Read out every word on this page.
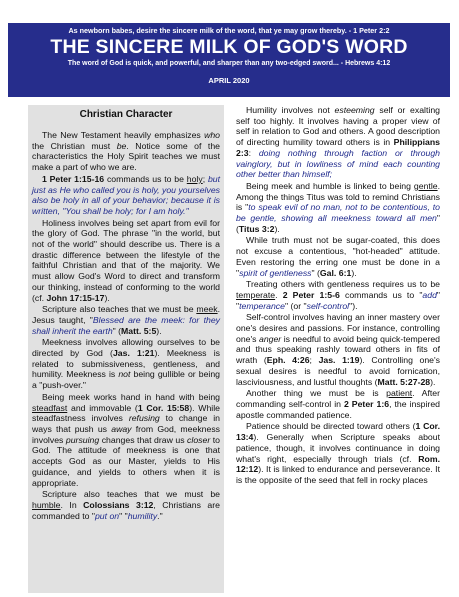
As newborn babes, desire the sincere milk of the word, that ye may grow thereby. - 1 Peter 2:2
THE SINCERE MILK OF GOD'S WORD
The word of God is quick, and powerful, and sharper than any two-edged sword... - Hebrews 4:12
APRIL 2020
Christian Character

The New Testament heavily emphasizes who the Christian must be. Notice some of the characteristics the Holy Spirit teaches we must make a part of who we are.

1 Peter 1:15-16 commands us to be holy; but just as He who called you is holy, you yourselves also be holy in all of your behavior; because it is written, "You shall be holy; for I am holy."

Holiness involves being set apart from evil for the glory of God. The phrase "in the world, but not of the world" should describe us. There is a drastic difference between the lifestyle of the faithful Christian and that of the majority. We must allow God's Word to direct and transform our thinking, instead of conforming to the world (cf. John 17:15-17).

Scripture also teaches that we must be meek. Jesus taught, "Blessed are the meek: for they shall inherit the earth" (Matt. 5:5).

Meekness involves allowing ourselves to be directed by God (Jas. 1:21). Meekness is related to submissiveness, gentleness, and humility. Meekness is not being gullible or being a "push-over."

Being meek works hand in hand with being steadfast and immovable (1 Cor. 15:58). While steadfastness involves refusing to change in ways that push us away from God, meekness involves pursuing changes that draw us closer to God. The attitude of meekness is one that accepts God as our Master, yields to His guidance, and yields to others when it is appropriate.

Scripture also teaches that we must be humble. In Colossians 3:12, Christians are commanded to "put on" "humility."

Humility involves not esteeming self or exalting self too highly. It involves having a proper view of self in relation to God and others. A good description of directing humility toward others is in Philippians 2:3: doing nothing through faction or through vainglory, but in lowliness of mind each counting other better than himself;

Being meek and humble is linked to being gentle. Among the things Titus was told to remind Christians is "to speak evil of no man, not to be contentious, to be gentle, showing all meekness toward all men" (Titus 3:2).

While truth must not be sugar-coated, this does not excuse a contentious, "hot-headed" attitude. Even restoring the erring one must be done in a "spirit of gentleness" (Gal. 6:1).

Treating others with gentleness requires us to be temperate. 2 Peter 1:5-6 commands us to "add" "temperance" (or "self-control").

Self-control involves having an inner mastery over one's desires and passions. For instance, controlling one's anger is needful to avoid being quick-tempered and thus speaking rashly toward others in fits of wrath (Eph. 4:26; Jas. 1:19). Controlling one's sexual desires is needful to avoid fornication, lasciviousness, and lustful thoughts (Matt. 5:27-28).

Another thing we must be is patient. After commanding self-control in 2 Peter 1:6, the inspired apostle commanded patience.

Patience should be directed toward others (1 Cor. 13:4). Generally when Scripture speaks about patience, though, it involves continuance in doing what's right, especially through trials (cf. Rom. 12:12). It is linked to endurance and perseverance. It is the opposite of the seed that fell in rocky places
